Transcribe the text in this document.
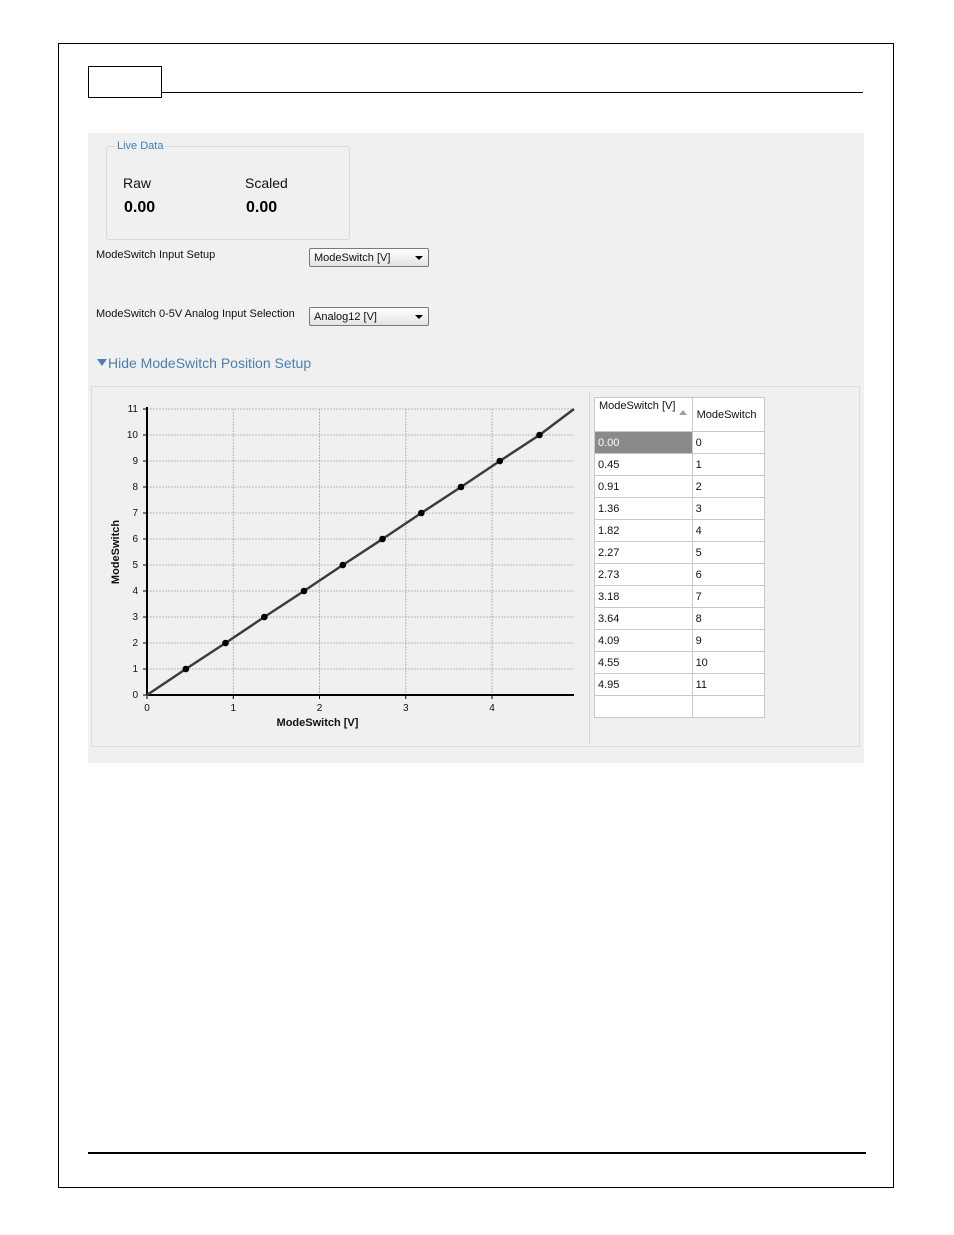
Live Data
Raw
0.00
Scaled
0.00
ModeSwitch Input Setup	ModeSwitch [V]
ModeSwitch 0-5V Analog Input Selection Analog12 [V]
Hide ModeSwitch Position Setup
0
1
2
3
4
5
6
7
8
9
10
11
0	1	2	3	4
ModeSwitch [V]
ModeSwitch
ModeSwitch [V]	ModeSwitch
0.00	0
0.45	1
0.91	2
1.36	3
1.82	4
2.27	5
2.73	6
3.18	7
3.64	8
4.09	9
4.55	10
4.95	11
